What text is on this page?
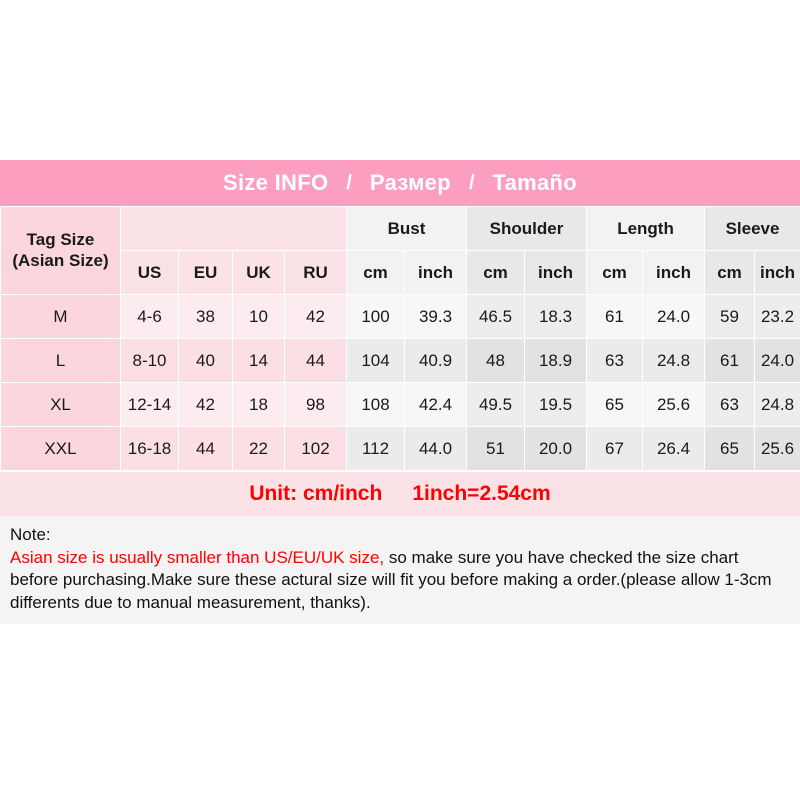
Size INFO / Размер / Tamaño
Tag Size (Asian Size)					Bust		Shoulder		Length		Sleeve	
	US	EU	UK	RU	cm	inch	cm	inch	cm	inch	cm	inch
M	4-6	38	10	42	100	39.3	46.5	18.3	61	24.0	59	23.2
L	8-10	40	14	44	104	40.9	48	18.9	63	24.8	61	24.0
XL	12-14	42	18	98	108	42.4	49.5	19.5	65	25.6	63	24.8
XXL	16-18	44	22	102	112	44.0	51	20.0	67	26.4	65	25.6
Unit: cm/inch 1inch=2.54cm
Note:
Asian size is usually smaller than US/EU/UK size, so make sure you have checked the size chart before purchasing.Make sure these actural size will fit you before making a order.(please allow 1-3cm differents due to manual measurement, thanks).
